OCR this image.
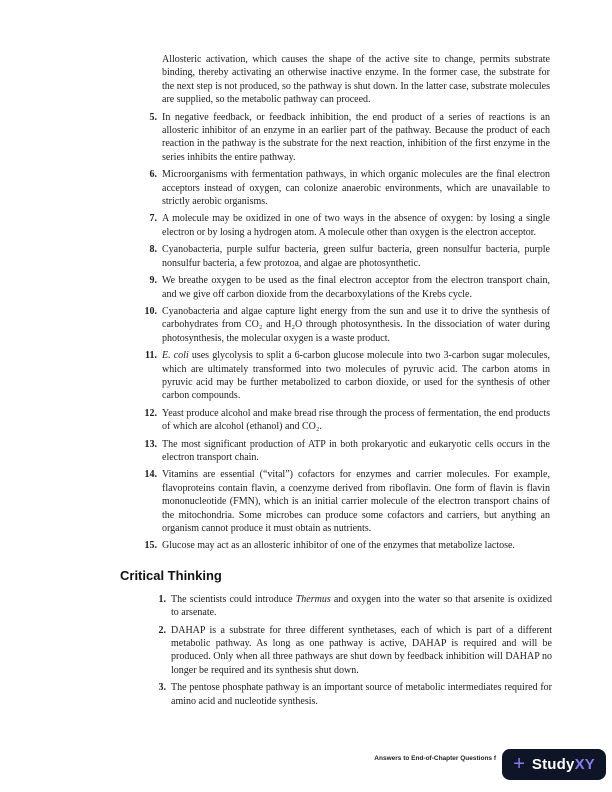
Allosteric activation, which causes the shape of the active site to change, permits substrate binding, thereby activating an otherwise inactive enzyme. In the former case, the substrate for the next step is not produced, so the pathway is shut down. In the latter case, substrate molecules are supplied, so the metabolic pathway can proceed.
5. In negative feedback, or feedback inhibition, the end product of a series of reactions is an allosteric inhibitor of an enzyme in an earlier part of the pathway. Because the product of each reaction in the pathway is the substrate for the next reaction, inhibition of the first enzyme in the series inhibits the entire pathway.
6. Microorganisms with fermentation pathways, in which organic molecules are the final electron acceptors instead of oxygen, can colonize anaerobic environments, which are unavailable to strictly aerobic organisms.
7. A molecule may be oxidized in one of two ways in the absence of oxygen: by losing a single electron or by losing a hydrogen atom. A molecule other than oxygen is the electron acceptor.
8. Cyanobacteria, purple sulfur bacteria, green sulfur bacteria, green nonsulfur bacteria, purple nonsulfur bacteria, a few protozoa, and algae are photosynthetic.
9. We breathe oxygen to be used as the final electron acceptor from the electron transport chain, and we give off carbon dioxide from the decarboxylations of the Krebs cycle.
10. Cyanobacteria and algae capture light energy from the sun and use it to drive the synthesis of carbohydrates from CO₂ and H₂O through photosynthesis. In the dissociation of water during photosynthesis, the molecular oxygen is a waste product.
11. E. coli uses glycolysis to split a 6-carbon glucose molecule into two 3-carbon sugar molecules, which are ultimately transformed into two molecules of pyruvic acid. The carbon atoms in pyruvic acid may be further metabolized to carbon dioxide, or used for the synthesis of other carbon compounds.
12. Yeast produce alcohol and make bread rise through the process of fermentation, the end products of which are alcohol (ethanol) and CO₂.
13. The most significant production of ATP in both prokaryotic and eukaryotic cells occurs in the electron transport chain.
14. Vitamins are essential (“vital”) cofactors for enzymes and carrier molecules. For example, flavoproteins contain flavin, a coenzyme derived from riboflavin. One form of flavin is flavin mononucleotide (FMN), which is an initial carrier molecule of the electron transport chains of the mitochondria. Some microbes can produce some cofactors and carriers, but anything an organism cannot produce it must obtain as nutrients.
15. Glucose may act as an allosteric inhibitor of one of the enzymes that metabolize lactose.
Critical Thinking
1. The scientists could introduce Thermus and oxygen into the water so that arsenite is oxidized to arsenate.
2. DAHAP is a substrate for three different synthetases, each of which is part of a different metabolic pathway. As long as one pathway is active, DAHAP is required and will be produced. Only when all three pathways are shut down by feedback inhibition will DAHAP no longer be required and its synthesis shut down.
3. The pentose phosphate pathway is an important source of metabolic intermediates required for amino acid and nucleotide synthesis.
Answers to End-of-Chapter Questions f + Study XY
